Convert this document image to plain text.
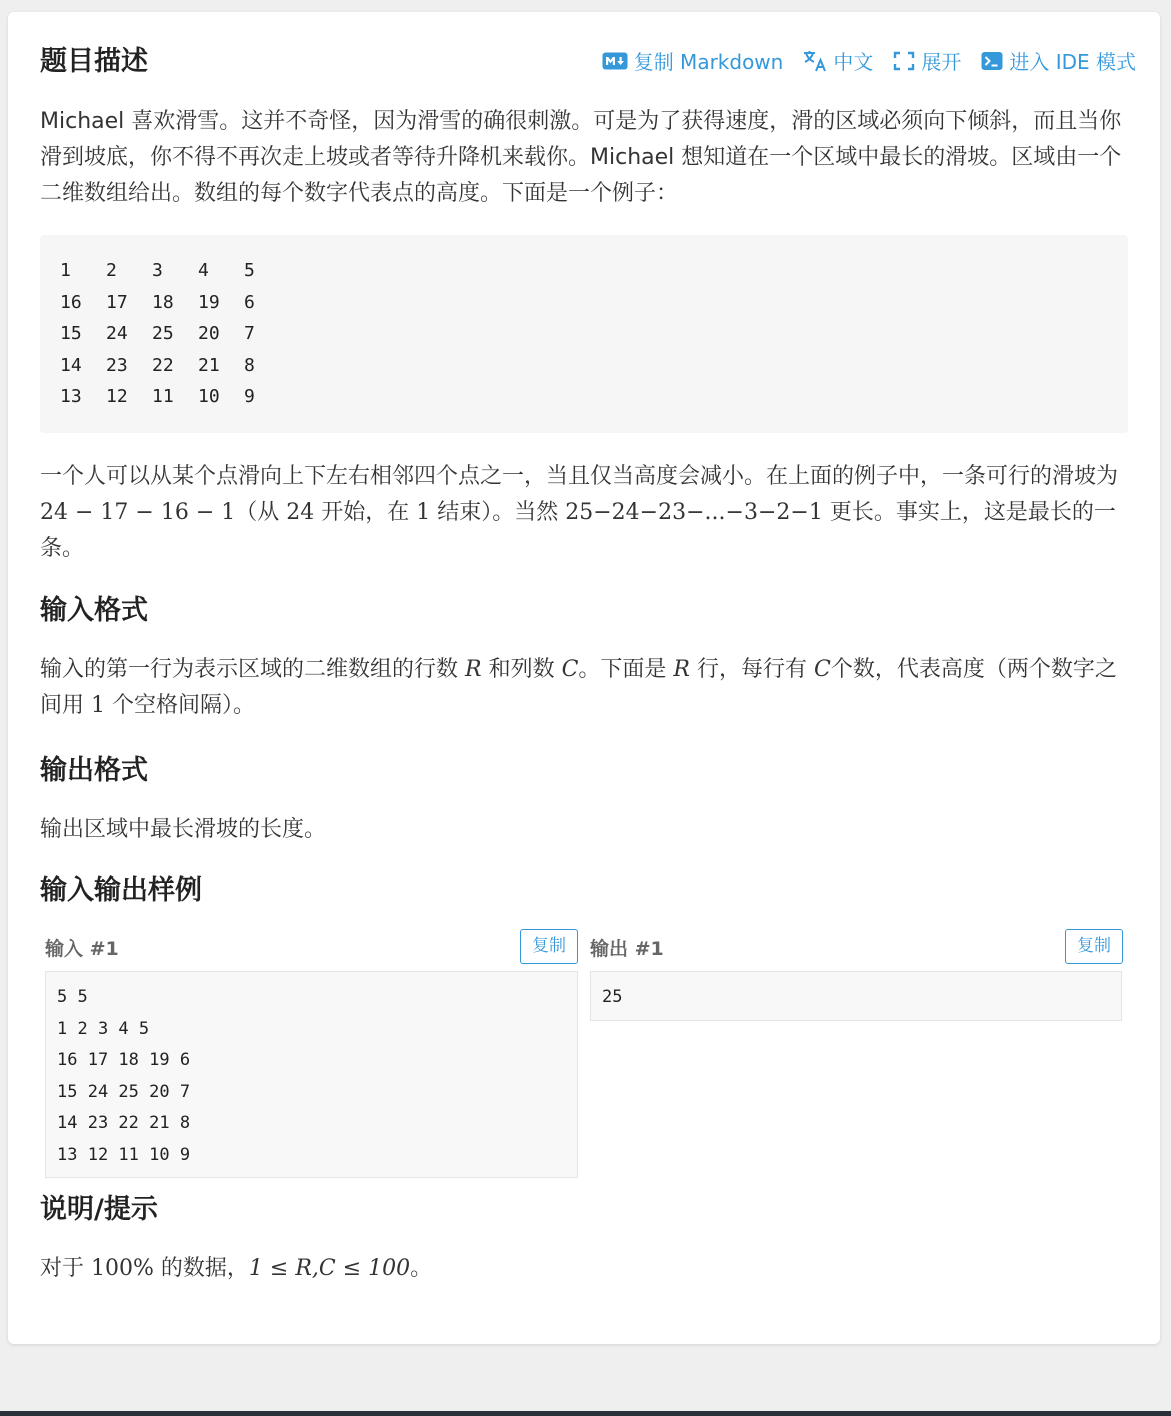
题目描述	复制 Markdown	中文 展开 进入 IDE 模式

Michael 喜欢滑雪。这并不奇怪，因为滑雪的确很刺激。可是为了获得速度，滑的区域必须向下倾斜，而且当你滑到坡底，你不得不再次走上坡或者等待升降机来载你。Michael 想知道在一个区域中最长的滑坡。区域由一个二维数组给出。数组的每个数字代表点的高度。下面是一个例子：

1	2	3	4	5
16	17	18	19	6
15	24	25	20	7
14	23	22	21	8
13	12	11	10	9

一个人可以从某个点滑向上下左右相邻四个点之一，当且仅当高度会减小。在上面的例子中，一条可行的滑坡为 24 − 17 − 16 − 1（从 24 开始，在 1 结束）。当然 25−24−23−...−3−2−1 更长。事实上，这是最长的一条。

输入格式

输入的第一行为表示区域的二维数组的行数 R 和列数 C。下面是 R 行，每行有 C个数，代表高度（两个数字之间用 1 个空格间隔）。

输出格式

输出区域中最长滑坡的长度。

输入输出样例
输入 #1	复制
5 5
1 2 3 4 5
16 17 18 19 6
15 24 25 20 7
14 23 22 21 8
13 12 11 10 9
输出 #1	复制
25
说明/提示

对于 100% 的数据，1 ≤ R,C ≤ 100。
